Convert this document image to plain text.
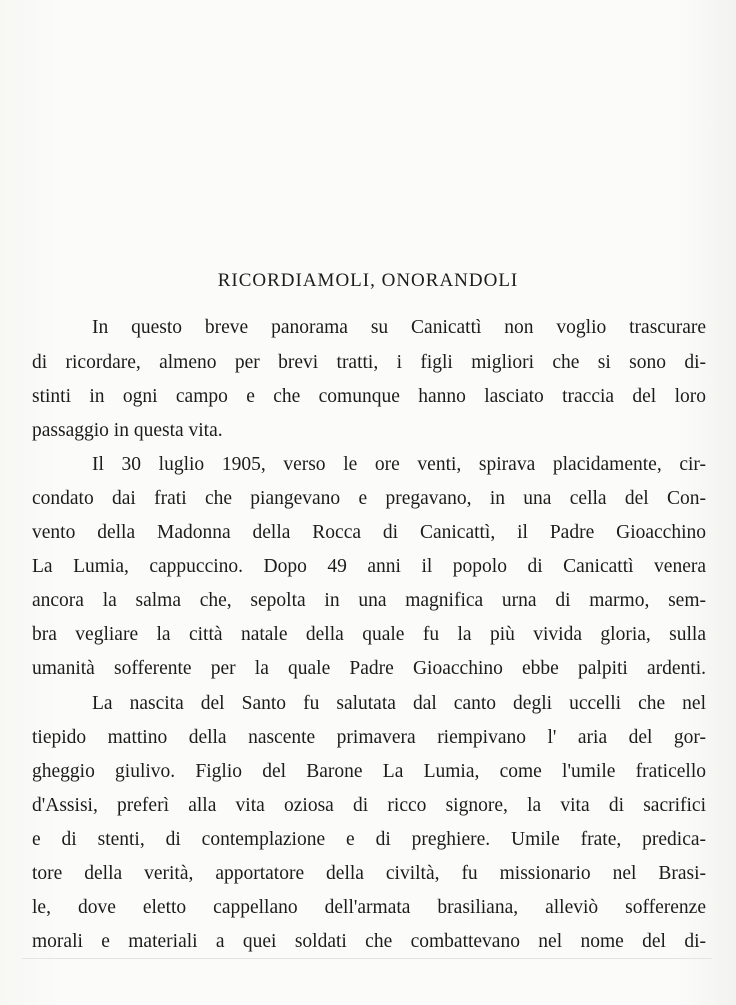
RICORDIAMOLI, ONORANDOLI
In questo breve panorama su Canicattì non voglio trascurare
di ricordare, almeno per brevi tratti, i figli migliori che si sono di-
stinti in ogni campo e che comunque hanno lasciato traccia del loro
passaggio in questa vita.
Il 30 luglio 1905, verso le ore venti, spirava placidamente, cir-
condato dai frati che piangevano e pregavano, in una cella del Con-
vento della Madonna della Rocca di Canicattì, il Padre Gioacchino
La Lumia, cappuccino. Dopo 49 anni il popolo di Canicattì venera
ancora la salma che, sepolta in una magnifica urna di marmo, sem-
bra vegliare la città natale della quale fu la più vivida gloria, sulla
umanità sofferente per la quale Padre Gioacchino ebbe palpiti ardenti.
La nascita del Santo fu salutata dal canto degli uccelli che nel
tiepido mattino della nascente primavera riempivano l' aria del gor-
gheggio giulivo. Figlio del Barone La Lumia, come l'umile fraticello
d'Assisi, preferì alla vita oziosa di ricco signore, la vita di sacrifici
e di stenti, di contemplazione e di preghiere. Umile frate, predica-
tore della verità, apportatore della civiltà, fu missionario nel Brasi-
le, dove eletto cappellano dell'armata brasiliana, alleviò sofferenze
morali e materiali a quei soldati che combattevano nel nome del di-
